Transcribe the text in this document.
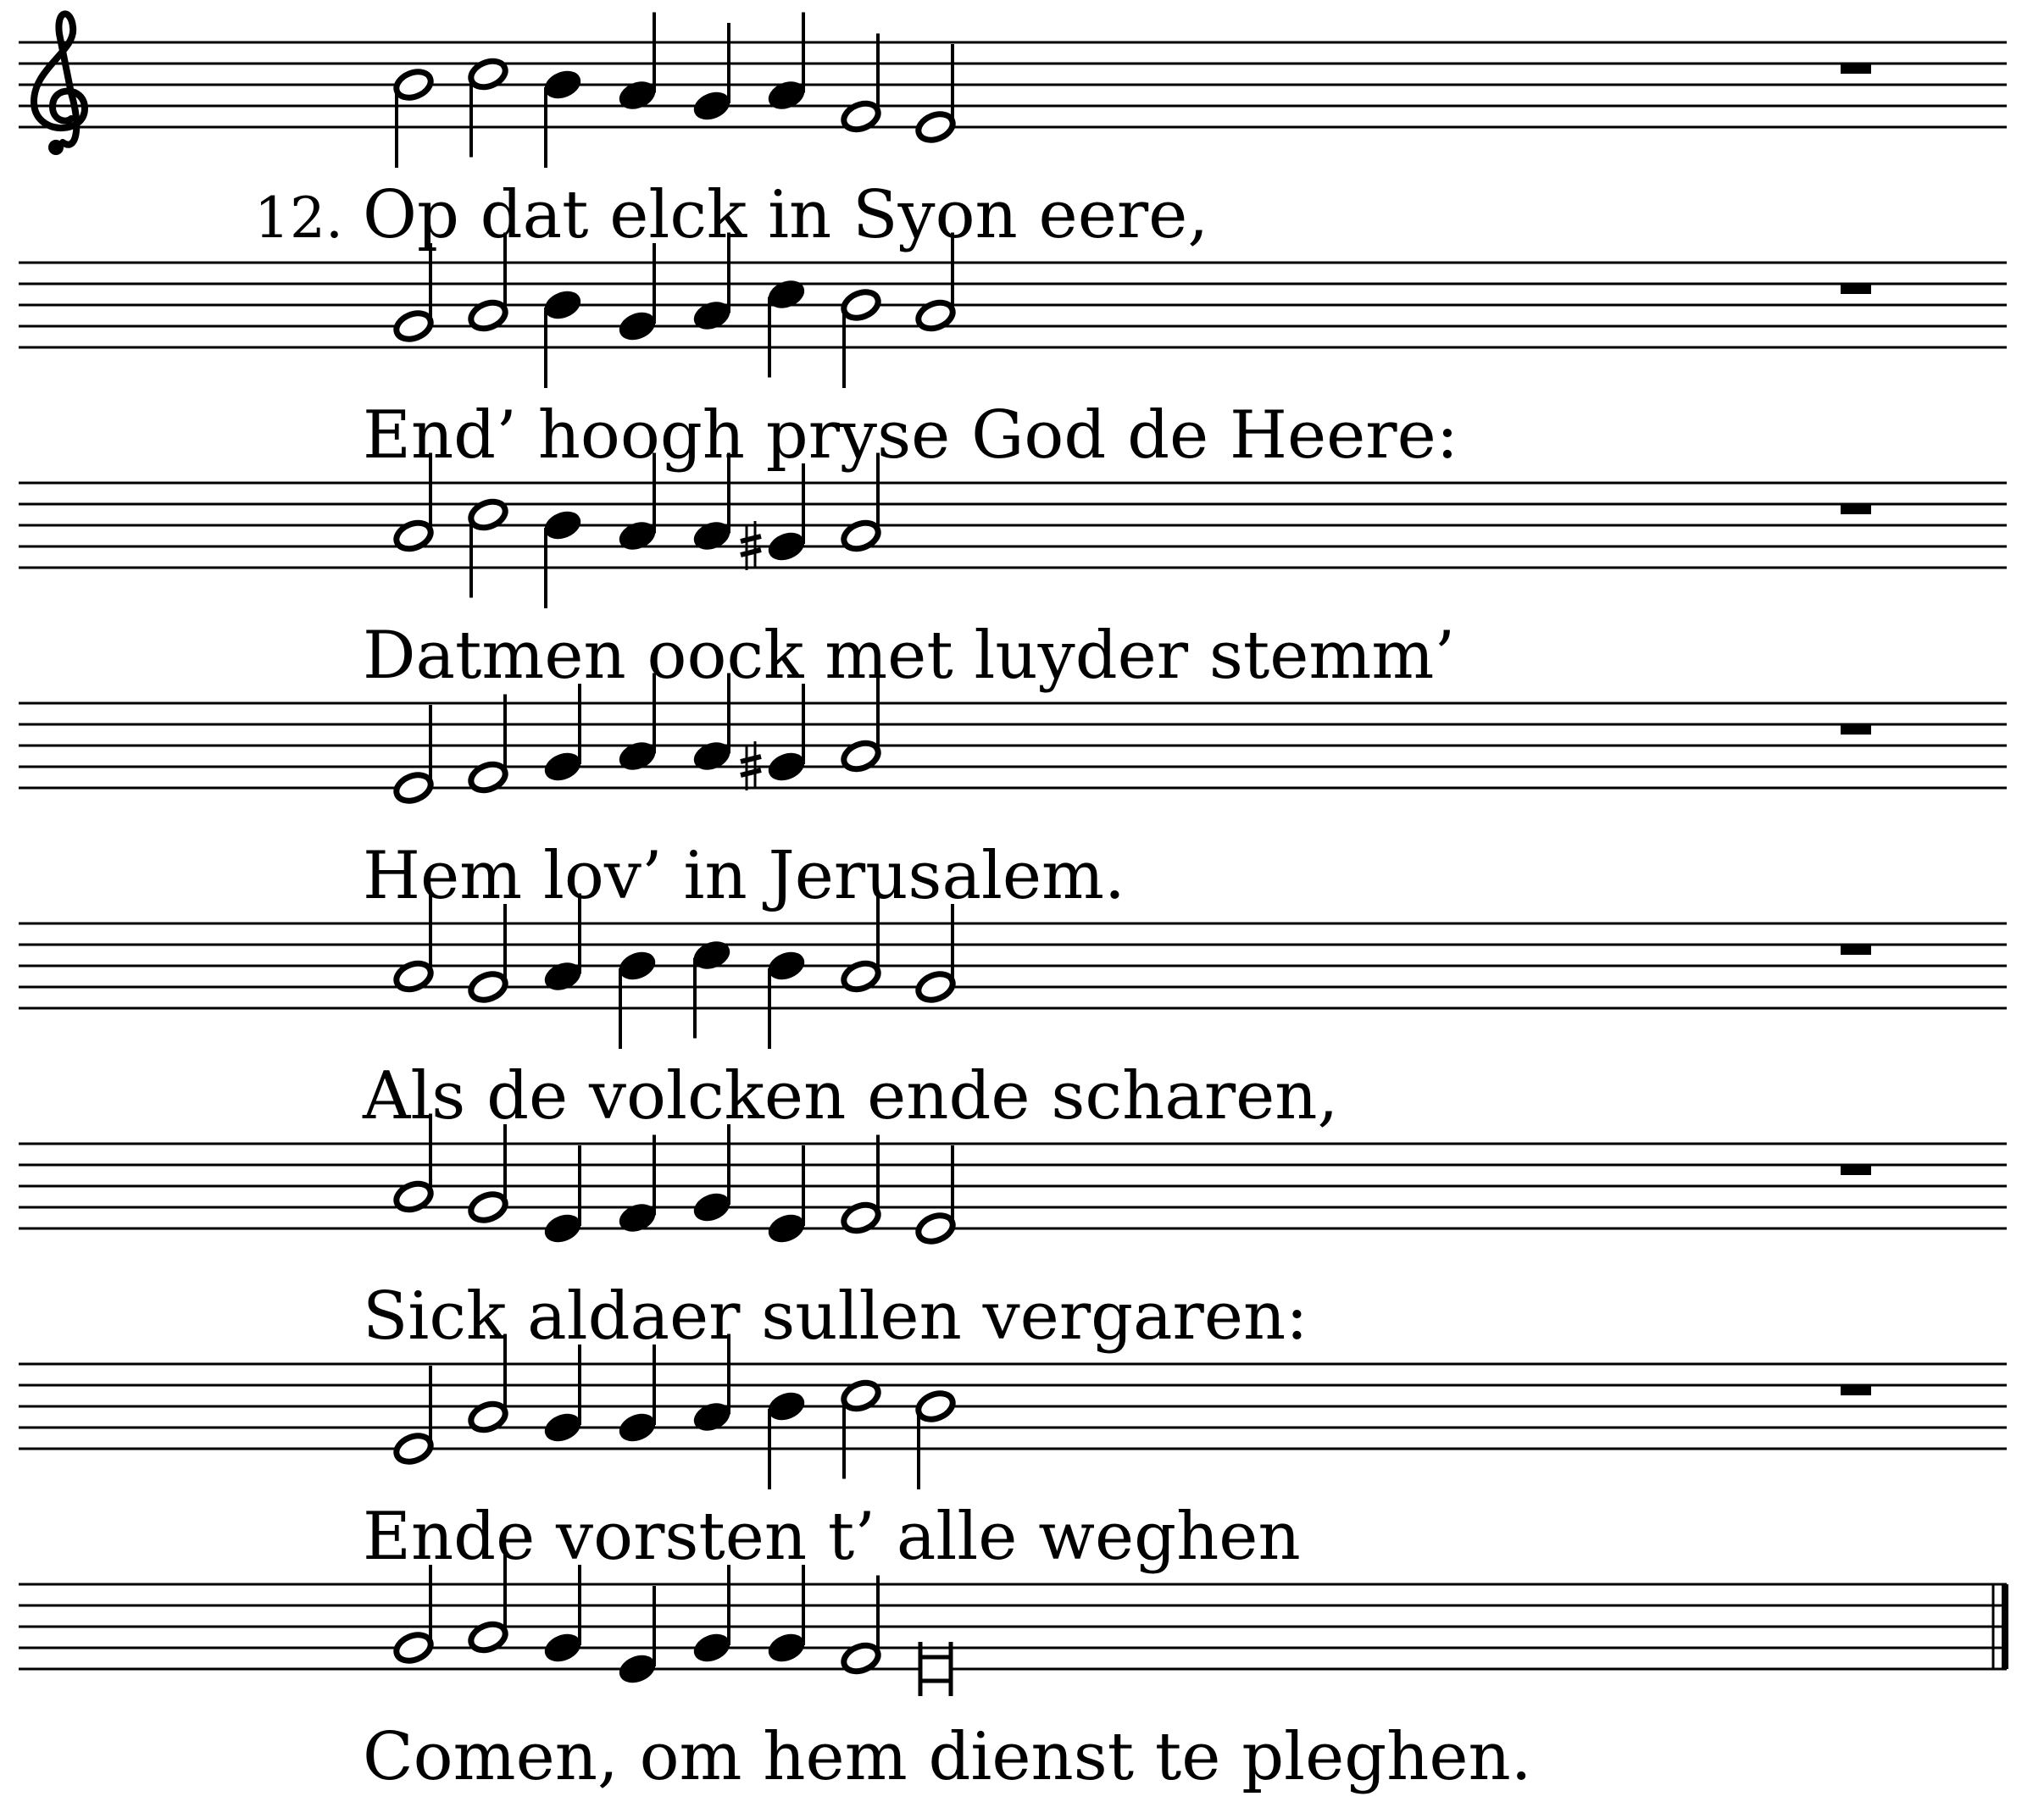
12. Op dat elck in Syon eere,
End’ hoogh pryse God de Heere:
Datmen oock met luyder stemm’
Hem lov’ in Jerusalem.
Als de volcken ende scharen,
Sick aldaer sullen vergaren:
Ende vorsten t’ alle weghen
Comen, om hem dienst te pleghen.
